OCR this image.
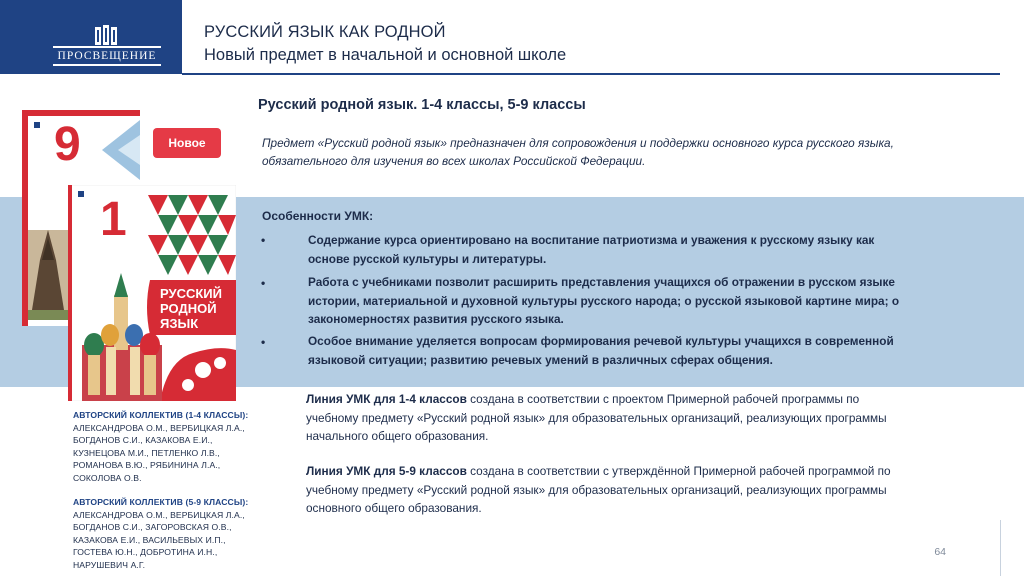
ПРОСВЕЩЕНИЕ
РУССКИЙ ЯЗЫК КАК РОДНОЙ
Новый предмет в начальной и основной школе
9	Новое
1
РУССКИЙ
РОДНОЙ
ЯЗЫК
Русский родной язык. 1-4 классы, 5-9 классы
Предмет «Русский родной язык» предназначен для сопровождения и поддержки основного курса русского языка, обязательного для изучения во всех школах Российской Федерации.
Особенности УМК:
•	Содержание курса ориентировано на воспитание патриотизма и уважения к русскому языку как основе русской культуры и литературы.
•	Работа с учебниками позволит расширить представления учащихся об отражении в русском языке истории, материальной и духовной культуры русского народа; о русской языковой картине мира; о закономерностях развития русского языка.
•	Особое внимание уделяется вопросам формирования речевой культуры учащихся в современной языковой ситуации; развитию речевых умений в различных сферах общения.
Линия УМК для 1-4 классов создана в соответствии с проектом Примерной рабочей программы по учебному предмету «Русский родной язык» для образовательных организаций, реализующих программы начального общего образования.
Линия УМК для 5-9 классов создана в соответствии с утверждённой Примерной рабочей программой по учебному предмету «Русский родной язык» для образовательных организаций, реализующих программы основного общего образования.
АВТОРСКИЙ КОЛЛЕКТИВ (1-4 КЛАССЫ):
АЛЕКСАНДРОВА О.М., ВЕРБИЦКАЯ Л.А.,
БОГДАНОВ С.И., КАЗАКОВА Е.И.,
КУЗНЕЦОВА М.И., ПЕТЛЕНКО Л.В.,
РОМАНОВА В.Ю., РЯБИНИНА Л.А.,
СОКОЛОВА О.В.
АВТОРСКИЙ КОЛЛЕКТИВ (5-9 КЛАССЫ):
АЛЕКСАНДРОВА О.М., ВЕРБИЦКАЯ Л.А.,
БОГДАНОВ С.И., ЗАГОРОВСКАЯ О.В.,
КАЗАКОВА Е.И., ВАСИЛЬЕВЫХ И.П.,
ГОСТЕВА Ю.Н., ДОБРОТИНА И.Н.,
НАРУШЕВИЧ А.Г.
64
